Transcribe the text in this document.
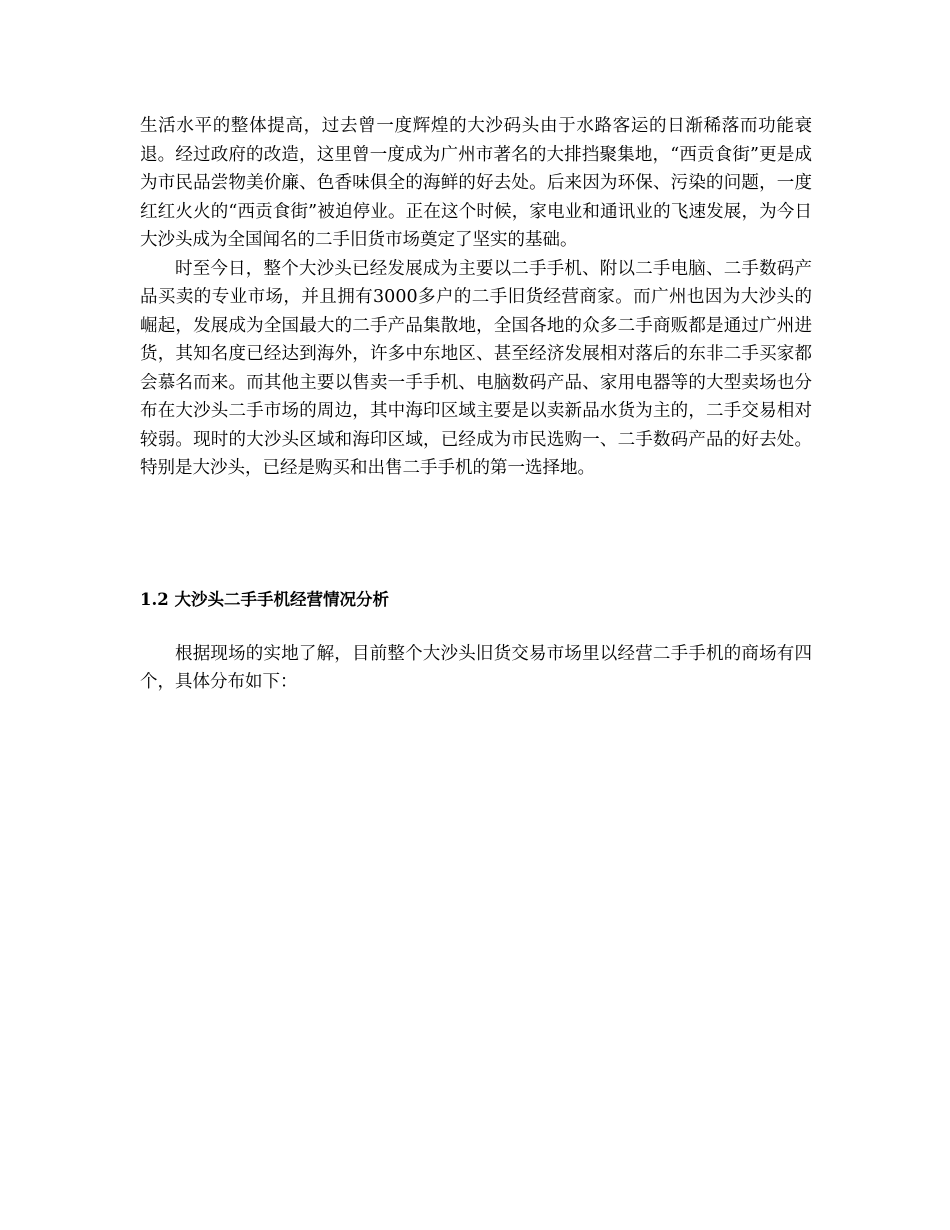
生活水平的整体提高，过去曾一度辉煌的大沙码头由于水路客运的日渐稀落而功能衰退。经过政府的改造，这里曾一度成为广州市著名的大排挡聚集地，“西贡食街”更是成为市民品尝物美价廉、色香味俱全的海鲜的好去处。后来因为环保、污染的问题，一度红红火火的“西贡食街”被迫停业。正在这个时候，家电业和通讯业的飞速发展，为今日大沙头成为全国闻名的二手旧货市场奠定了坚实的基础。

时至今日，整个大沙头已经发展成为主要以二手手机、附以二手电脑、二手数码产品买卖的专业市场，并且拥有3000多户的二手旧货经营商家。而广州也因为大沙头的崛起，发展成为全国最大的二手产品集散地，全国各地的众多二手商贩都是通过广州进货，其知名度已经达到海外，许多中东地区、甚至经济发展相对落后的东非二手买家都会慕名而来。而其他主要以售卖一手手机、电脑数码产品、家用电器等的大型卖场也分布在大沙头二手市场的周边，其中海印区域主要是以卖新品水货为主的，二手交易相对较弱。现时的大沙头区域和海印区域，已经成为市民选购一、二手数码产品的好去处。特别是大沙头，已经是购买和出售二手手机的第一选择地。

1.2 大沙头二手手机经营情况分析

根据现场的实地了解，目前整个大沙头旧货交易市场里以经营二手手机的商场有四个，具体分布如下：
